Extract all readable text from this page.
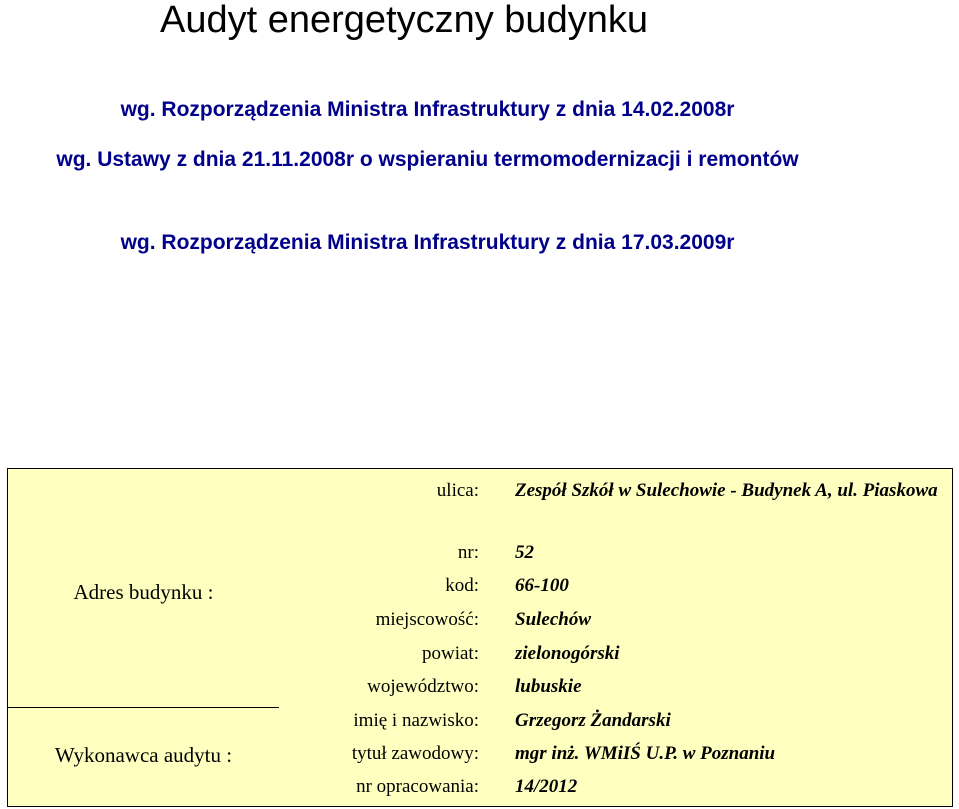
Audyt energetyczny budynku

wg. Rozporządzenia Ministra Infrastruktury z dnia 14.02.2008r

wg. Ustawy z dnia 21.11.2008r o wspieraniu termomodernizacji i remontów

wg. Rozporządzenia Ministra Infrastruktury z dnia 17.03.2009r

Adres budynku :
Wykonawca audytu :
ulica: Zespół Szkół w Sulechowie - Budynek A, ul. Piaskowa
nr: 52
kod: 66-100
miejscowość: Sulechów
powiat: zielonogórski
województwo: lubuskie
imię i nazwisko: Grzegorz Żandarski
tytuł zawodowy: mgr inż. WMiIŚ U.P. w Poznaniu
nr opracowania: 14/2012
